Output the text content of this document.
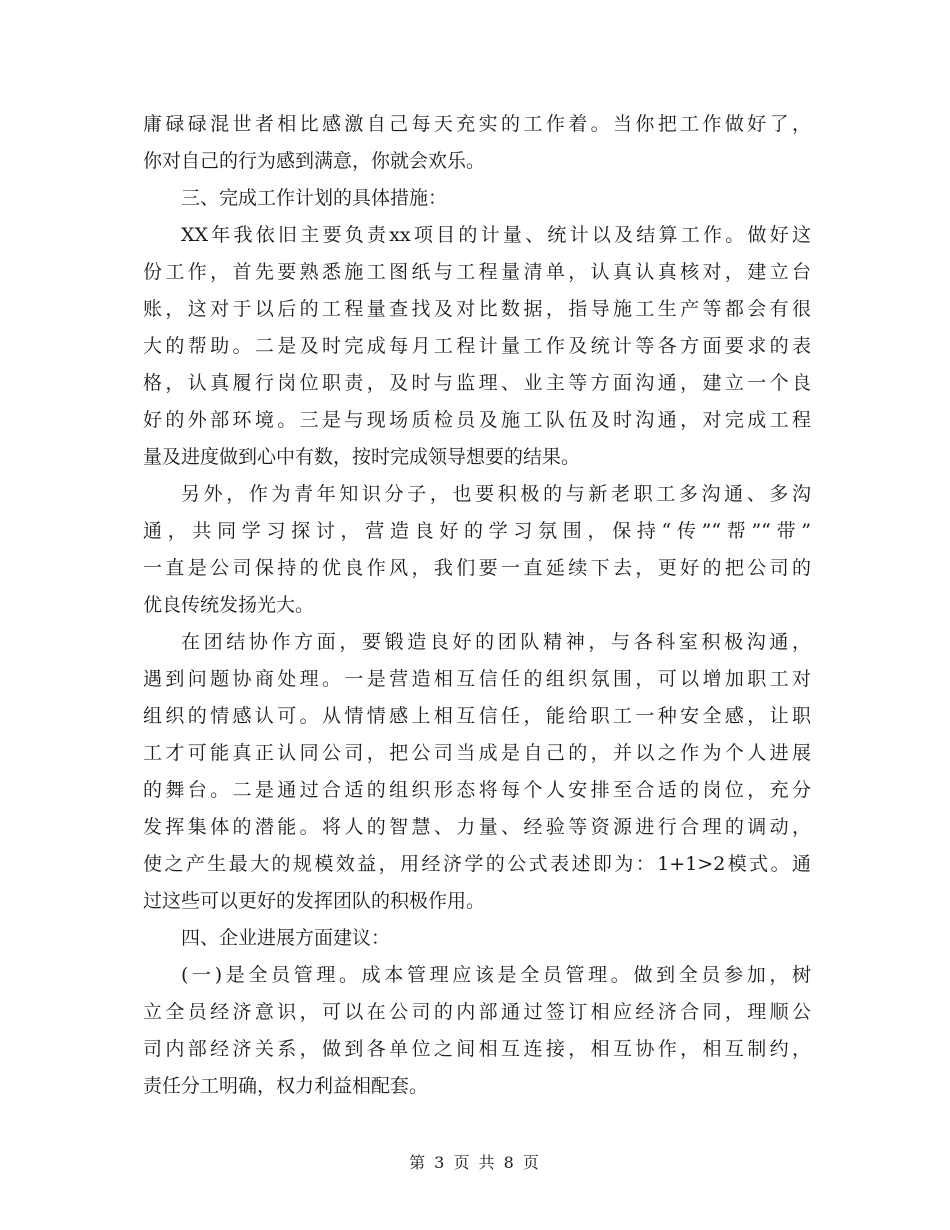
庸碌碌混世者相比感激自己每天充实的工作着。当你把工作做好了，
你对自己的行为感到满意，你就会欢乐。
三、完成工作计划的具体措施：
XX年我依旧主要负责xx项目的计量、统计以及结算工作。做好这
份工作，首先要熟悉施工图纸与工程量清单，认真认真核对，建立台
账，这对于以后的工程量查找及对比数据，指导施工生产等都会有很
大的帮助。二是及时完成每月工程计量工作及统计等各方面要求的表
格，认真履行岗位职责，及时与监理、业主等方面沟通，建立一个良
好的外部环境。三是与现场质检员及施工队伍及时沟通，对完成工程
量及进度做到心中有数，按时完成领导想要的结果。
另外，作为青年知识分子，也要积极的与新老职工多沟通、多沟
通，共同学习探讨，营造良好的学习氛围，保持“传”“帮”“带”
一直是公司保持的优良作风，我们要一直延续下去，更好的把公司的
优良传统发扬光大。
在团结协作方面，要锻造良好的团队精神，与各科室积极沟通，
遇到问题协商处理。一是营造相互信任的组织氛围，可以增加职工对
组织的情感认可。从情情感上相互信任，能给职工一种安全感，让职
工才可能真正认同公司，把公司当成是自己的，并以之作为个人进展
的舞台。二是通过合适的组织形态将每个人安排至合适的岗位，充分
发挥集体的潜能。将人的智慧、力量、经验等资源进行合理的调动，
使之产生最大的规模效益，用经济学的公式表述即为：1+1>2模式。通
过这些可以更好的发挥团队的积极作用。
四、企业进展方面建议：
(一)是全员管理。成本管理应该是全员管理。做到全员参加，树
立全员经济意识，可以在公司的内部通过签订相应经济合同，理顺公
司内部经济关系，做到各单位之间相互连接，相互协作，相互制约，
责任分工明确，权力利益相配套。
第 3 页 共 8 页
